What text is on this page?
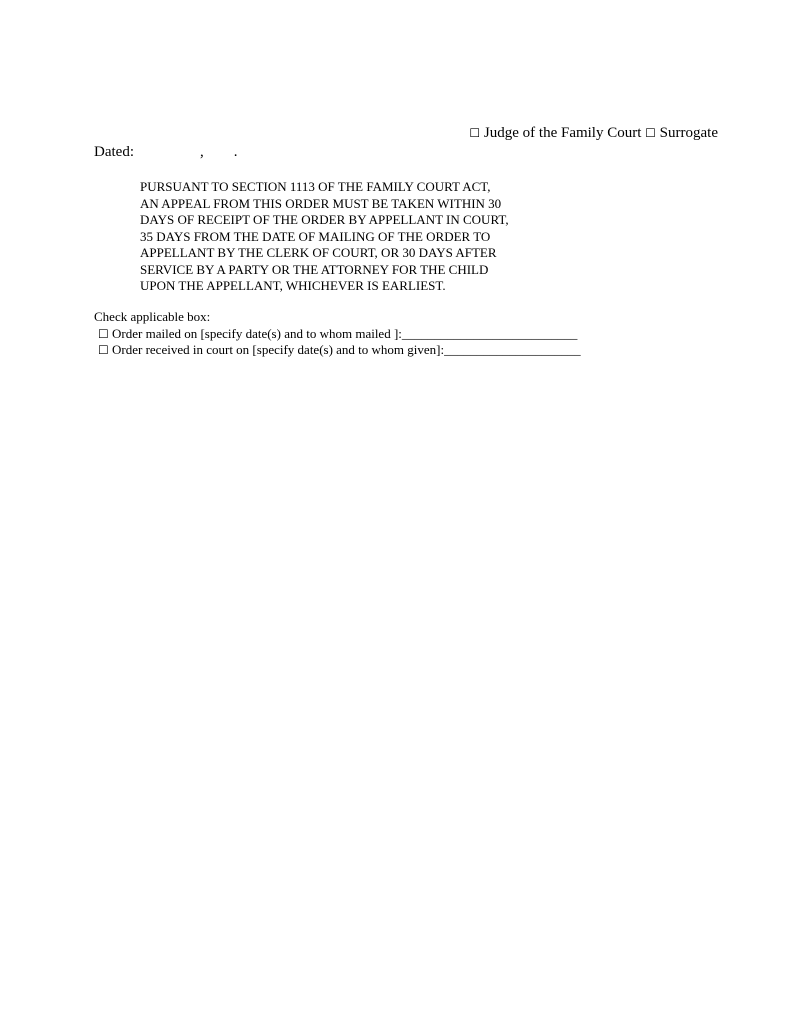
☐ Judge of the Family Court ☐ Surrogate
Dated:	, .
PURSUANT TO SECTION 1113 OF THE FAMILY COURT ACT,
AN APPEAL FROM THIS ORDER MUST BE TAKEN WITHIN 30
DAYS OF RECEIPT OF THE ORDER BY APPELLANT IN COURT,
35 DAYS FROM THE DATE OF MAILING OF THE ORDER TO
APPELLANT BY THE CLERK OF COURT, OR 30 DAYS AFTER
SERVICE BY A PARTY OR THE ATTORNEY FOR THE CHILD
UPON THE APPELLANT, WHICHEVER IS EARLIEST.
Check applicable box:
☐ Order mailed on [specify date(s) and to whom mailed ]:___________________________
☐ Order received in court on [specify date(s) and to whom given]:_____________________
